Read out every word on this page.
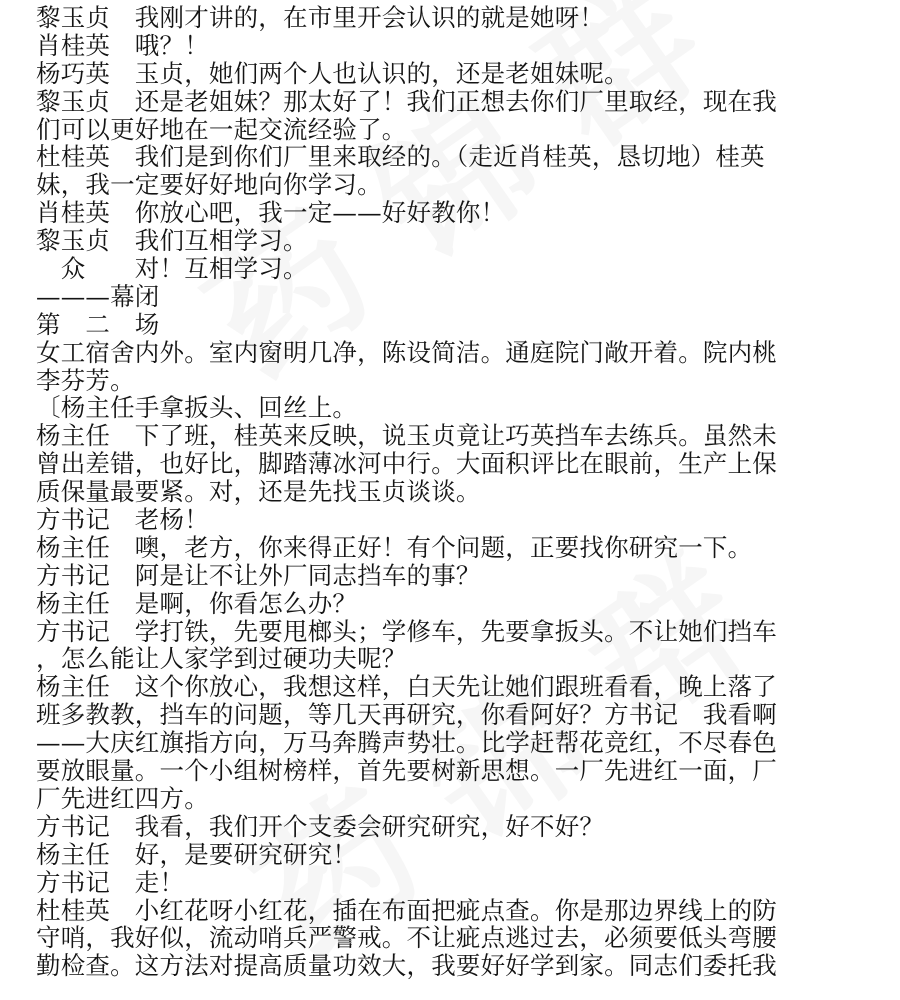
黎玉贞　我刚才讲的，在市里开会认识的就是她呀！
肖桂英　哦？！
杨巧英　玉贞，她们两个人也认识的，还是老姐妹呢。
黎玉贞　还是老姐妹？那太好了！我们正想去你们厂里取经，现在我
们可以更好地在一起交流经验了。
杜桂英　我们是到你们厂里来取经的。（走近肖桂英，恳切地）桂英
妹，我一定要好好地向你学习。
肖桂英　你放心吧，我一定——好好教你！
黎玉贞　我们互相学习。
　众　　对！互相学习。
———幕闭
第　二　场
女工宿舍内外。室内窗明几净，陈设简洁。通庭院门敞开着。院内桃
李芬芳。
〔杨主任手拿扳头、回丝上。
杨主任　下了班，桂英来反映，说玉贞竟让巧英挡车去练兵。虽然未
曾出差错，也好比，脚踏薄冰河中行。大面积评比在眼前，生产上保
质保量最要紧。对，还是先找玉贞谈谈。
方书记　老杨！
杨主任　噢，老方，你来得正好！有个问题，正要找你研究一下。
方书记　阿是让不让外厂同志挡车的事？
杨主任　是啊，你看怎么办？
方书记　学打铁，先要甩榔头；学修车，先要拿扳头。不让她们挡车
，怎么能让人家学到过硬功夫呢？
杨主任　这个你放心，我想这样，白天先让她们跟班看看，晚上落了
班多教教，挡车的问题，等几天再研究，你看阿好？方书记　我看啊
——大庆红旗指方向，万马奔腾声势壮。比学赶帮花竞红，不尽春色
要放眼量。一个小组树榜样，首先要树新思想。一厂先进红一面，厂
厂先进红四方。
方书记　我看，我们开个支委会研究研究，好不好？
杨主任　好，是要研究研究！
方书记　走！
杜桂英　小红花呀小红花，插在布面把疵点查。你是那边界线上的防
守哨，我好似，流动哨兵严警戒。不让疵点逃过去，必须要低头弯腰
勤检查。这方法对提高质量功效大，我要好好学到家。同志们委托我
